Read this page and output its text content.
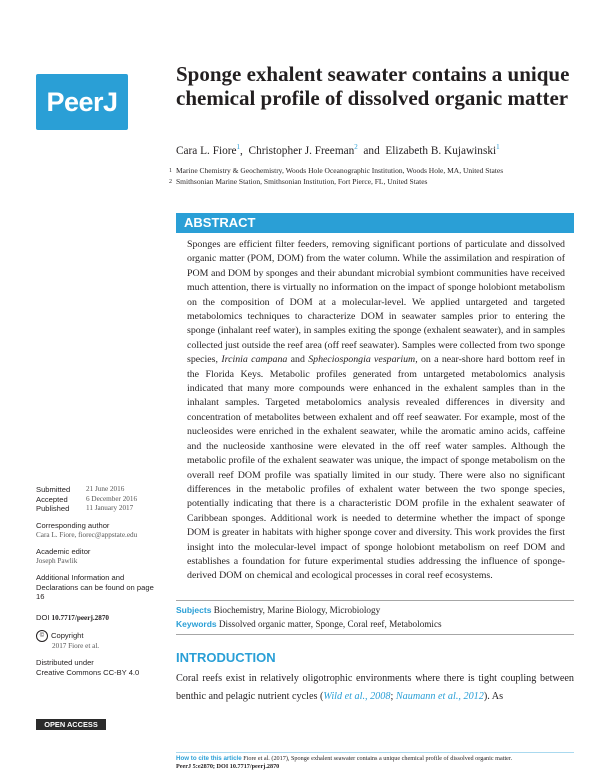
PeerJ
Sponge exhalent seawater contains a unique chemical profile of dissolved organic matter
Cara L. Fiore$^1$, Christopher J. Freeman$^2$ and Elizabeth B. Kujawinski$^1$
1 Marine Chemistry & Geochemistry, Woods Hole Oceanographic Institution, Woods Hole, MA, United States
2 Smithsonian Marine Station, Smithsonian Institution, Fort Pierce, FL, United States
ABSTRACT
Sponges are efficient filter feeders, removing significant portions of particulate and dissolved organic matter (POM, DOM) from the water column. While the assimilation and respiration of POM and DOM by sponges and their abundant microbial symbiont communities have received much attention, there is virtually no information on the impact of sponge holobiont metabolism on the composition of DOM at a molecular-level. We applied untargeted and targeted metabolomics techniques to characterize DOM in seawater samples prior to entering the sponge (inhalant reef water), in samples exiting the sponge (exhalent seawater), and in samples collected just outside the reef area (off reef seawater). Samples were collected from two sponge species, Ircinia campana and Spheciospongia vesparium, on a near-shore hard bottom reef in the Florida Keys. Metabolic profiles generated from untargeted metabolomics analysis indicated that many more compounds were enhanced in the exhalent samples than in the inhalant samples. Targeted metabolomics analysis revealed differences in diversity and concentration of metabolites between exhalent and off reef seawater. For example, most of the nucleosides were enriched in the exhalent seawater, while the aromatic amino acids, caffeine and the nucleoside xanthosine were elevated in the off reef water samples. Although the metabolic profile of the exhalent seawater was unique, the impact of sponge metabolism on the overall reef DOM profile was spatially limited in our study. There were also no significant differences in the metabolic profiles of exhalent water between the two sponge species, potentially indicating that there is a characteristic DOM profile in the exhalent seawater of Caribbean sponges. Additional work is needed to determine whether the impact of sponge DOM is greater in habitats with higher sponge cover and diversity. This work provides the first insight into the molecular-level impact of sponge holobiont metabolism on reef DOM and establishes a foundation for future experimental studies addressing the influence of sponge-derived DOM on chemical and ecological processes in coral reef ecosystems.
Subjects Biochemistry, Marine Biology, Microbiology
Keywords Dissolved organic matter, Sponge, Coral reef, Metabolomics
INTRODUCTION
Coral reefs exist in relatively oligotrophic environments where there is tight coupling between benthic and pelagic nutrient cycles (Wild et al., 2008; Naumann et al., 2012). As
Submitted	21 June 2016
Accepted	6 December 2016
Published	11 January 2017
Corresponding author
Cara L. Fiore, fiorec@appstate.edu
Academic editor
Joseph Pawlik
Additional Information and Declarations can be found on page 16
DOI 10.7717/peerj.2870
© Copyright
2017 Fiore et al.
Distributed under
Creative Commons CC-BY 4.0
OPEN ACCESS
How to cite this article Fiore et al. (2017), Sponge exhalent seawater contains a unique chemical profile of dissolved organic matter.
PeerJ 5:e2870; DOI 10.7717/peerj.2870
